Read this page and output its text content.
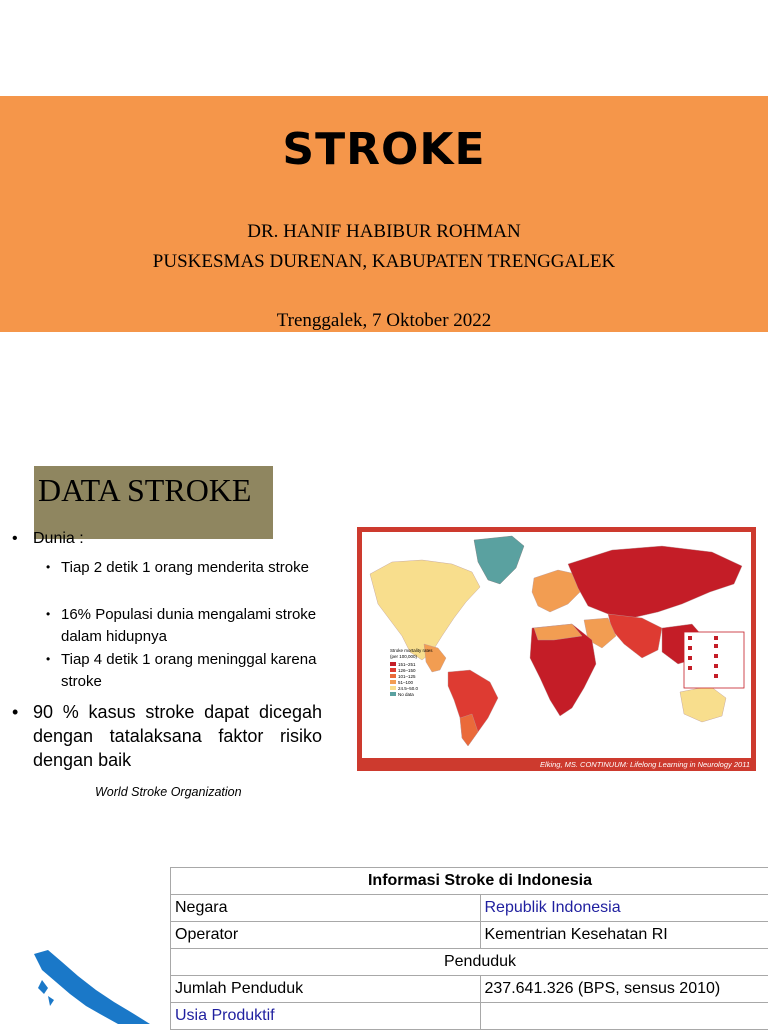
STROKE
DR. HANIF HABIBUR ROHMAN
PUSKESMAS DURENAN, KABUPATEN TRENGGALEK
Trenggalek, 7 Oktober 2022
DATA STROKE
• Dunia :
• Tiap 2 detik 1 orang menderita stroke
• 16% Populasi dunia mengalami stroke dalam hidupnya
• Tiap 4 detik 1 orang meninggal karena stroke
• 90 % kasus stroke dapat dicegah dengan tatalaksana faktor risiko dengan baik
World Stroke Organization
Stroke mortality rates (per 100,000)
151–251
126–150
101–125
51–100
24.5–50.0
No data
Elking, MS. CONTINUUM: Lifelong Learning in Neurology 2011
Informasi Stroke di Indonesia	
Negara	Republik Indonesia
Operator	Kementrian Kesehatan RI
Penduduk	
Jumlah Penduduk	237.641.326 (BPS, sensus 2010)
Usia Produktif	
